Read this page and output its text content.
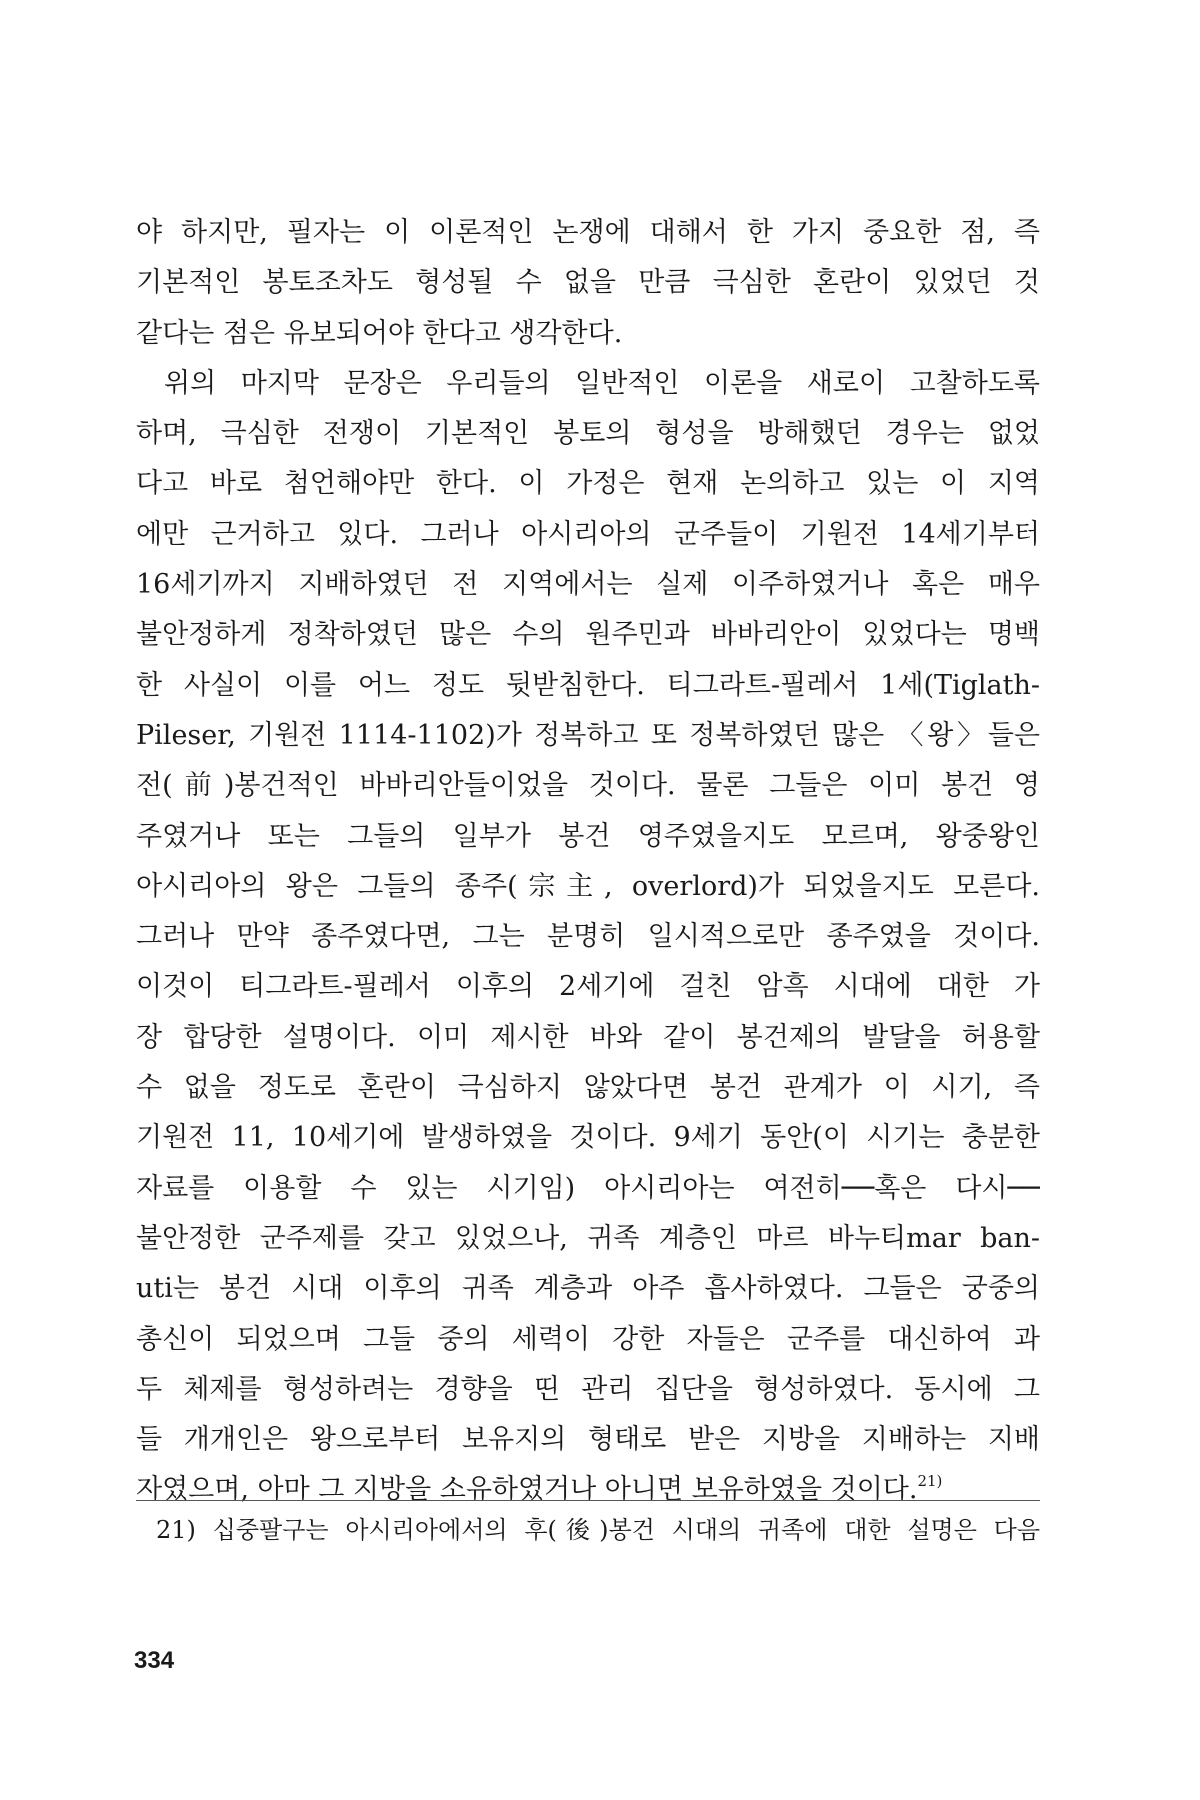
야 하지만, 필자는 이 이론적인 논쟁에 대해서 한 가지 중요한 점, 즉
기본적인 봉토조차도 형성될 수 없을 만큼 극심한 혼란이 있었던 것
같다는 점은 유보되어야 한다고 생각한다.
위의 마지막 문장은 우리들의 일반적인 이론을 새로이 고찰하도록
하며, 극심한 전쟁이 기본적인 봉토의 형성을 방해했던 경우는 없었
다고 바로 첨언해야만 한다. 이 가정은 현재 논의하고 있는 이 지역
에만 근거하고 있다. 그러나 아시리아의 군주들이 기원전 14세기부터
16세기까지 지배하였던 전 지역에서는 실제 이주하였거나 혹은 매우
불안정하게 정착하였던 많은 수의 원주민과 바바리안이 있었다는 명백
한 사실이 이를 어느 정도 뒷받침한다. 티그라트-필레서 1세(Tiglath-
Pileser, 기원전 1114-1102)가 정복하고 또 정복하였던 많은 〈왕〉들은
전(前)봉건적인 바바리안들이었을 것이다. 물론 그들은 이미 봉건 영
주였거나 또는 그들의 일부가 봉건 영주였을지도 모르며, 왕중왕인
아시리아의 왕은 그들의 종주(宗主, overlord)가 되었을지도 모른다.
그러나 만약 종주였다면, 그는 분명히 일시적으로만 종주였을 것이다.
이것이 티그라트-필레서 이후의 2세기에 걸친 암흑 시대에 대한 가
장 합당한 설명이다. 이미 제시한 바와 같이 봉건제의 발달을 허용할
수 없을 정도로 혼란이 극심하지 않았다면 봉건 관계가 이 시기, 즉
기원전 11, 10세기에 발생하였을 것이다. 9세기 동안(이 시기는 충분한
자료를 이용할 수 있는 시기임) 아시리아는 여전히──혹은 다시──
불안정한 군주제를 갖고 있었으나, 귀족 계층인 마르 바누티mar ban-
uti는 봉건 시대 이후의 귀족 계층과 아주 흡사하였다. 그들은 궁중의
총신이 되었으며 그들 중의 세력이 강한 자들은 군주를 대신하여 과
두 체제를 형성하려는 경향을 띤 관리 집단을 형성하였다. 동시에 그
들 개개인은 왕으로부터 보유지의 형태로 받은 지방을 지배하는 지배
자였으며, 아마 그 지방을 소유하였거나 아니면 보유하였을 것이다.$^{21)}$
21) 십중팔구는 아시리아에서의 후(後)봉건 시대의 귀족에 대한 설명은 다음
334
